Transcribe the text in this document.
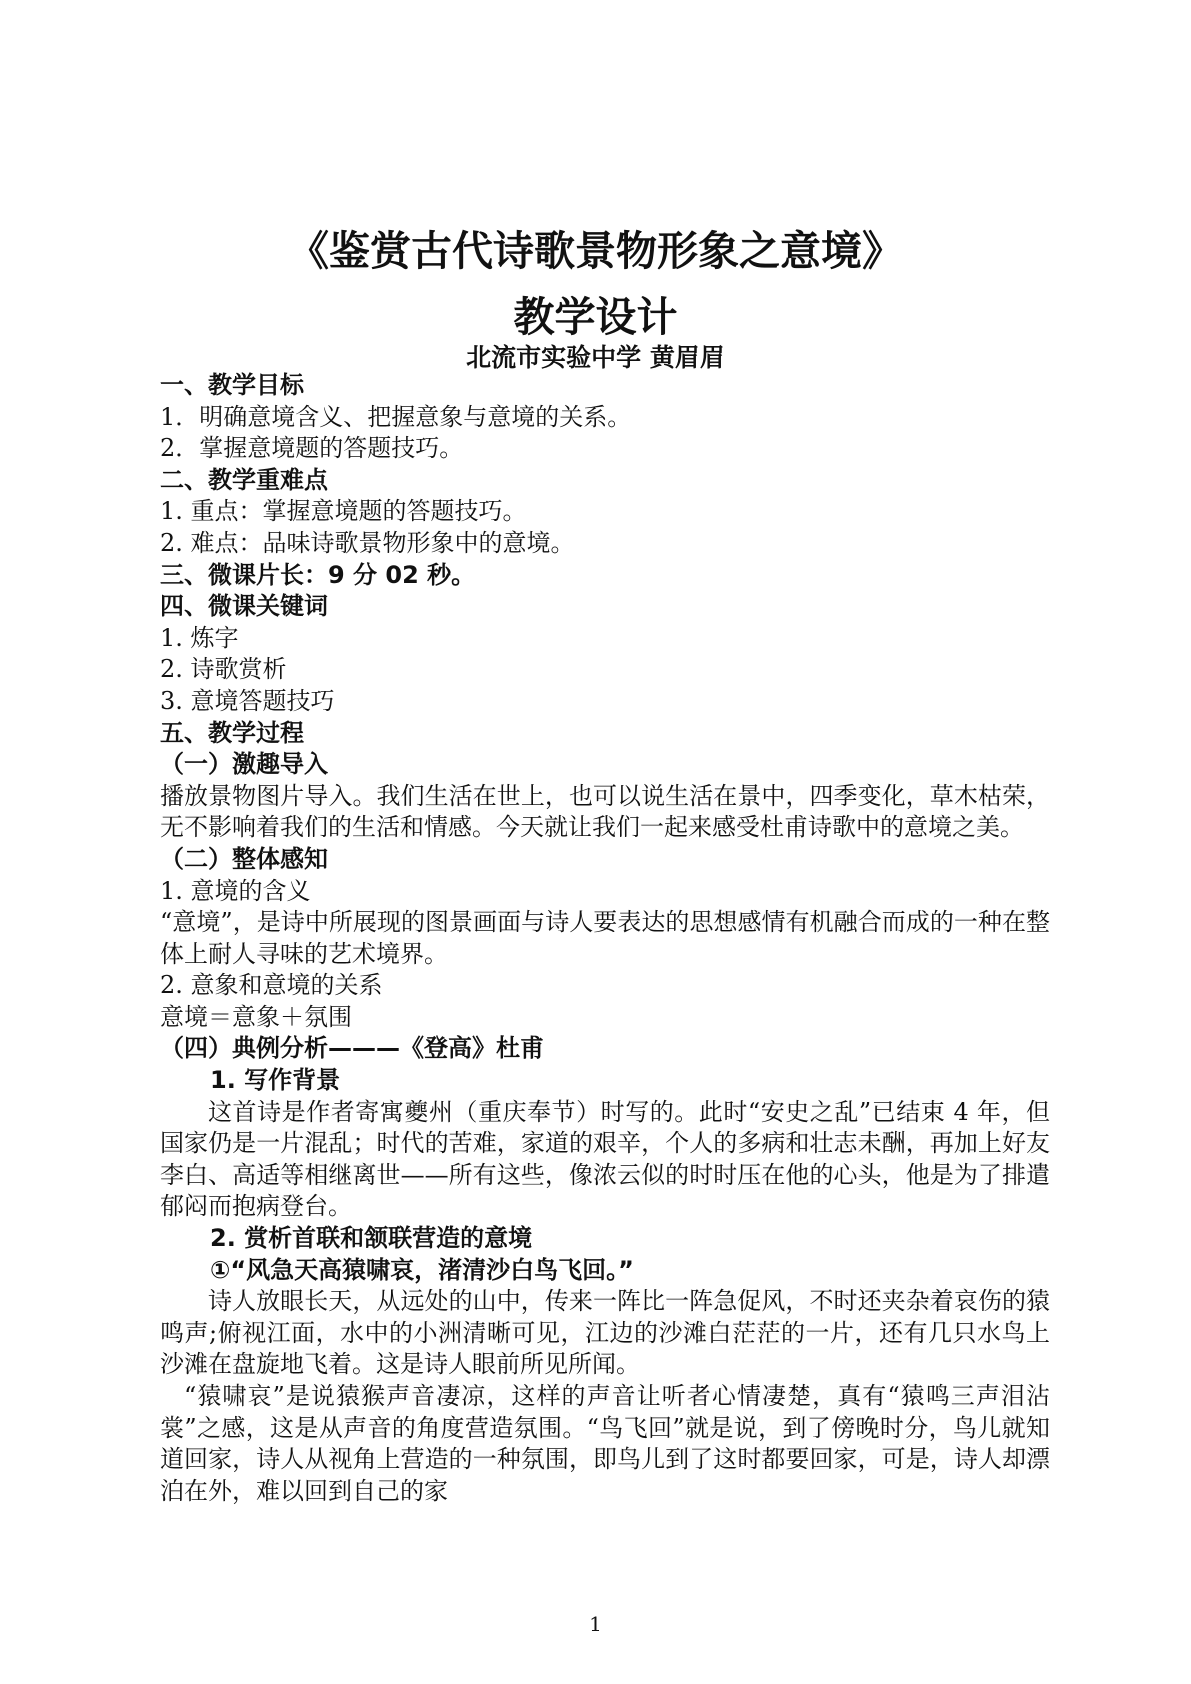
《鉴赏古代诗歌景物形象之意境》
教学设计
北流市实验中学 黄眉眉
一、教学目标
1．明确意境含义、把握意象与意境的关系。
2．掌握意境题的答题技巧。
二、教学重难点
1. 重点：掌握意境题的答题技巧。
2. 难点：品味诗歌景物形象中的意境。
三、微课片长：9 分 02 秒。
四、微课关键词
1. 炼字
2. 诗歌赏析
3. 意境答题技巧
五、教学过程
（一）激趣导入
播放景物图片导入。我们生活在世上，也可以说生活在景中，四季变化，草木枯荣，无不影响着我们的生活和情感。今天就让我们一起来感受杜甫诗歌中的意境之美。
（二）整体感知
1. 意境的含义
“意境”，是诗中所展现的图景画面与诗人要表达的思想感情有机融合而成的一种在整体上耐人寻味的艺术境界。
2. 意象和意境的关系
意境＝意象＋氛围
（四）典例分析———《登高》杜甫
1. 写作背景
这首诗是作者寄寓夔州（重庆奉节）时写的。此时“安史之乱”已结束 4 年，但国家仍是一片混乱；时代的苦难，家道的艰辛，个人的多病和壮志未酬，再加上好友李白、高适等相继离世——所有这些，像浓云似的时时压在他的心头，他是为了排遣郁闷而抱病登台。
2. 赏析首联和颔联营造的意境
①“风急天高猿啸哀，渚清沙白鸟飞回。”
诗人放眼长天，从远处的山中，传来一阵比一阵急促风，不时还夹杂着哀伤的猿鸣声;俯视江面，水中的小洲清晰可见，江边的沙滩白茫茫的一片，还有几只水鸟上沙滩在盘旋地飞着。这是诗人眼前所见所闻。
“猿啸哀”是说猿猴声音凄凉，这样的声音让听者心情凄楚，真有“猿鸣三声泪沾裳”之感，这是从声音的角度营造氛围。“鸟飞回”就是说，到了傍晚时分，鸟儿就知道回家，诗人从视角上营造的一种氛围，即鸟儿到了这时都要回家，可是，诗人却漂泊在外，难以回到自己的家
1
